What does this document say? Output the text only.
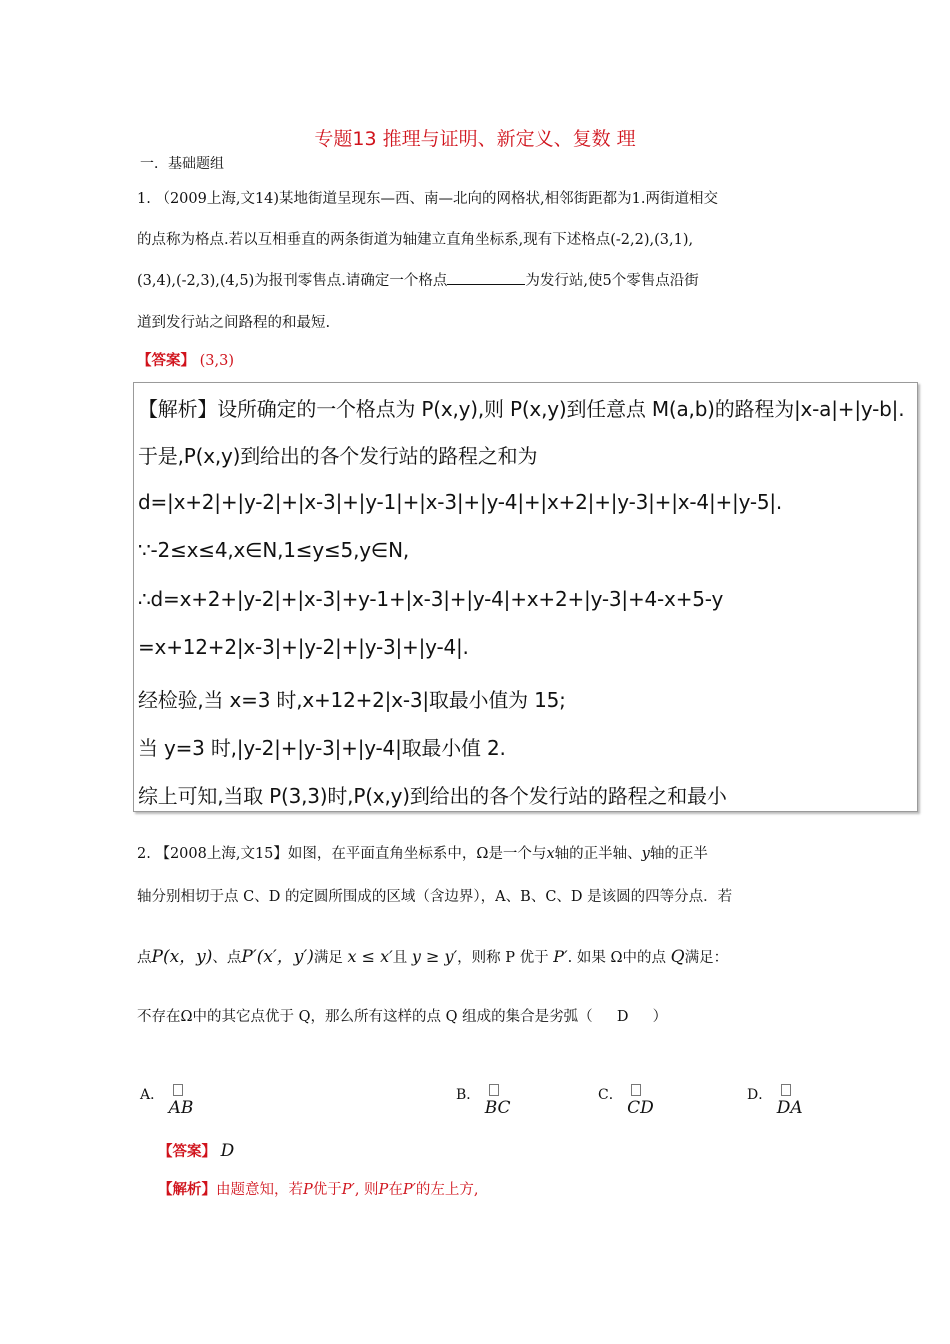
专题13 推理与证明、新定义、复数 理
一．基础题组
1. （2009上海,文14)某地街道呈现东—西、南—北向的网格状,相邻街距都为1.两街道相交
的点称为格点.若以互相垂直的两条街道为轴建立直角坐标系,现有下述格点(-2,2),(3,1),
(3,4),(-2,3),(4,5)为报刊零售点.请确定一个格点	为发行站,使5个零售点沿街
道到发行站之间路程的和最短.
【答案】 (3,3)
【解析】设所确定的一个格点为 P(x,y),则 P(x,y)到任意点 M(a,b)的路程为|x-a|+|y-b|.
于是,P(x,y)到给出的各个发行站的路程之和为
d=|x+2|+|y-2|+|x-3|+|y-1|+|x-3|+|y-4|+|x+2|+|y-3|+|x-4|+|y-5|.
∵-2≤x≤4,x∈N,1≤y≤5,y∈N,
∴d=x+2+|y-2|+|x-3|+y-1+|x-3|+|y-4|+x+2+|y-3|+4-x+5-y
=x+12+2|x-3|+|y-2|+|y-3|+|y-4|.
经检验,当 x=3 时,x+12+2|x-3|取最小值为 15;
当 y=3 时,|y-2|+|y-3|+|y-4|取最小值 2.
综上可知,当取 P(3,3)时,P(x,y)到给出的各个发行站的路程之和最小
2. 【2008上海,文15】如图，在平面直角坐标系中，Ω是一个与x轴的正半轴、y轴的正半
轴分别相切于点 C、D 的定圆所围成的区域（含边界），A、B、C、D 是该圆的四等分点．若
点P(x，y)、点P′(x′，y′)满足 x ≤ x′且 y ≥ y′，则称 P 优于 P′. 如果 Ω中的点 Q满足：
不存在Ω中的其它点优于 Q，那么所有这样的点 Q 组成的集合是劣弧（ D ）
A．
AB
B．
BC
C．
CD
D．
DA
【答案】 D
【解析】由题意知，若P优于P′, 则P在P′的左上方,
